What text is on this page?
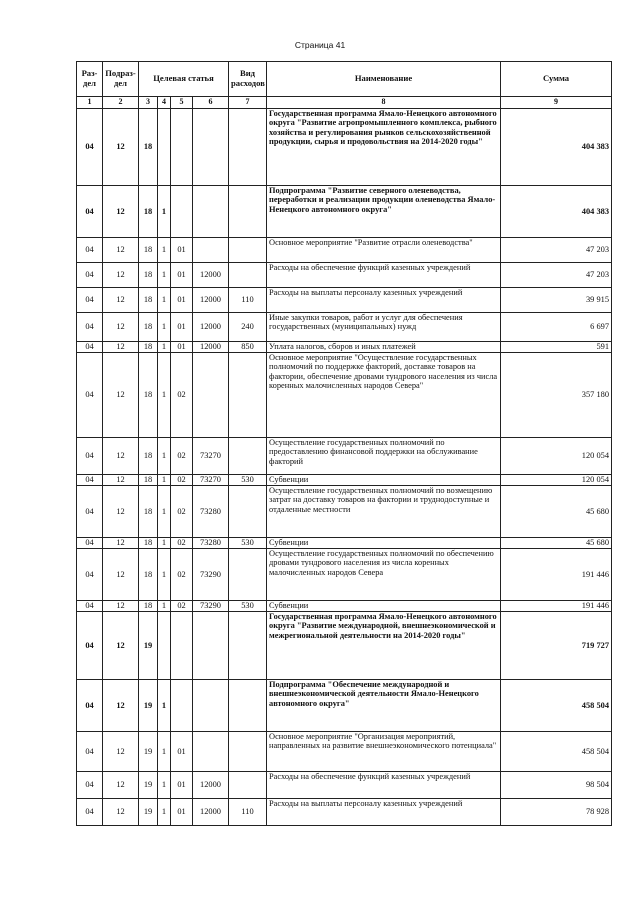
Страница 41
Раз-дел	Подраз-дел	Целевая статья				Вид расходов	Наименование	Сумма
1	2	3	4	5	6	7	8	9
04	12	18					Государственная программа Ямало-Ненецкого автономного округа "Развитие агропромышленного комплекса, рыбного хозяйства и регулирования рынков сельскохозяйственной продукции, сырья и продовольствия на 2014-2020 годы"	404 383
04	12	18	1				Подпрограмма "Развитие северного оленеводства, переработки и реализации продукции оленеводства Ямало-Ненецкого автономного округа"	404 383
04	12	18	1	01			Основное мероприятие "Развитие отрасли оленеводства"	47 203
04	12	18	1	01	12000		Расходы на обеспечение функций казенных учреждений	47 203
04	12	18	1	01	12000	110	Расходы на выплаты персоналу казенных учреждений	39 915
04	12	18	1	01	12000	240	Иные закупки товаров, работ и услуг для обеспечения государственных (муниципальных) нужд	6 697
04	12	18	1	01	12000	850	Уплата налогов, сборов и иных платежей	591
04	12	18	1	02			Основное мероприятие "Осуществление государственных полномочий по поддержке факторий, доставке товаров на фактории, обеспечение дровами тундрового населения из числа коренных малочисленных народов Севера"	357 180
04	12	18	1	02	73270		Осуществление государственных полномочий по предоставлению финансовой поддержки на обслуживание факторий	120 054
04	12	18	1	02	73270	530	Субвенции	120 054
04	12	18	1	02	73280		Осуществление государственных полномочий по возмещению затрат на доставку товаров на фактории и труднодоступные и отдаленные местности	45 680
04	12	18	1	02	73280	530	Субвенции	45 680
04	12	18	1	02	73290		Осуществление государственных полномочий по обеспечению дровами тундрового населения из числа коренных малочисленных народов Севера	191 446
04	12	18	1	02	73290	530	Субвенции	191 446
04	12	19					Государственная программа Ямало-Ненецкого автономного округа "Развитие международной, внешнеэкономической и межрегиональной деятельности на 2014-2020 годы"	719 727
04	12	19	1				Подпрограмма "Обеспечение международной и внешнеэкономической деятельности Ямало-Ненецкого автономного округа"	458 504
04	12	19	1	01			Основное мероприятие "Организация мероприятий, направленных на развитие внешнеэкономического потенциала"	458 504
04	12	19	1	01	12000		Расходы на обеспечение функций казенных учреждений	98 504
04	12	19	1	01	12000	110	Расходы на выплаты персоналу казенных учреждений	78 928
